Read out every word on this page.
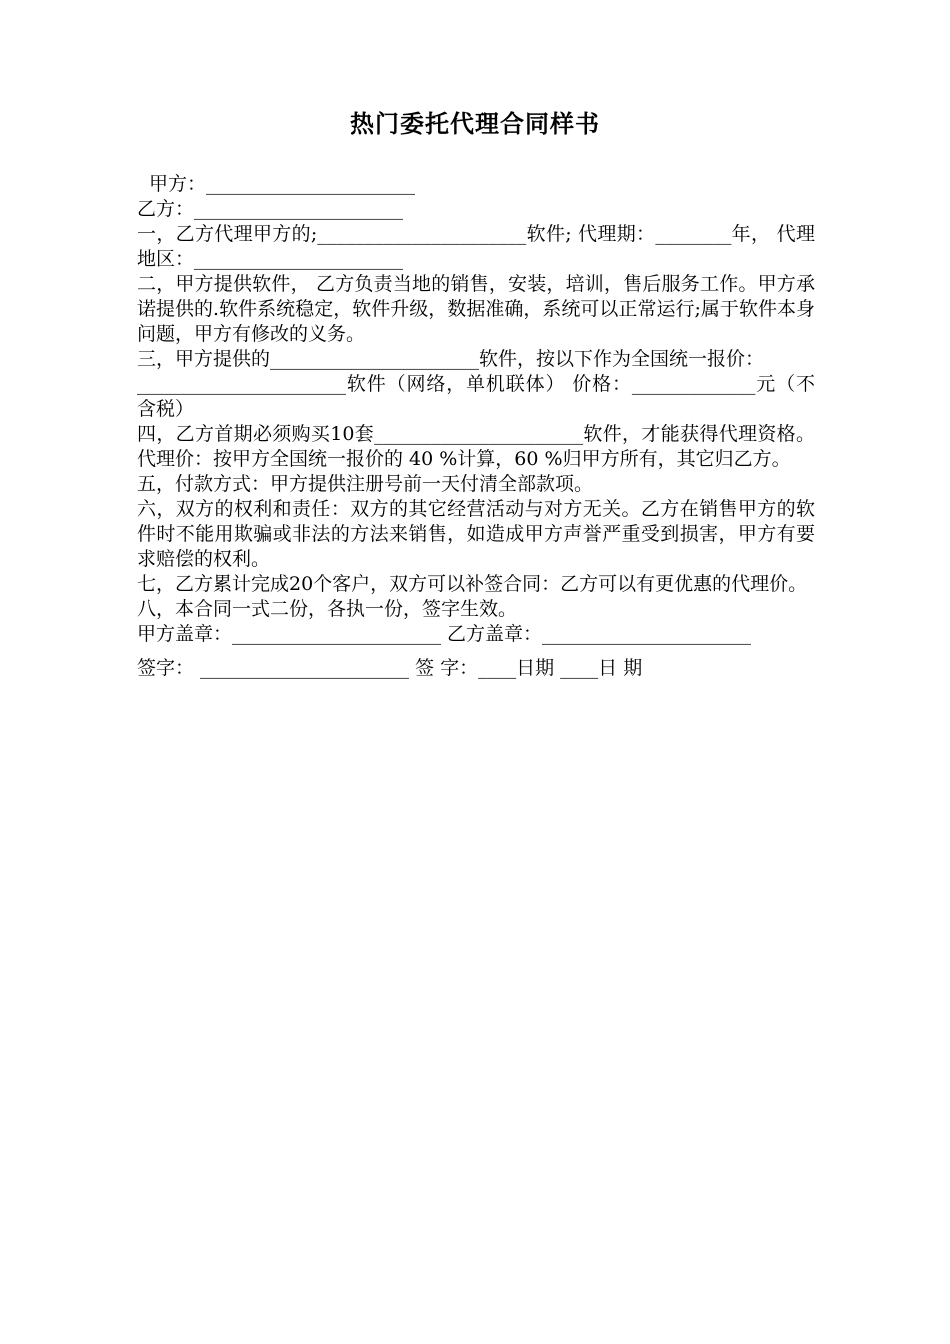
热门委托代理合同样书

甲方：______________________

乙方：______________________

一，乙方代理甲方的;______________________软件; 代理期：________年， 代理地区：______________________

二，甲方提供软件， 乙方负责当地的销售，安装，培训，售后服务工作。甲方承诺提供的.软件系统稳定，软件升级，数据准确，系统可以正常运行;属于软件本身问题，甲方有修改的义务。

三，甲方提供的______________________软件，按以下作为全国统一报价：

______________________软件（网络，单机联体） 价格：_____________元（不含税）

四，乙方首期必须购买10套______________________软件，才能获得代理资格。 代理价：按甲方全国统一报价的 40 %计算，60 %归甲方所有，其它归乙方。

五，付款方式：甲方提供注册号前一天付清全部款项。

六，双方的权利和责任：双方的其它经营活动与对方无关。乙方在销售甲方的软件时不能用欺骗或非法的方法来销售，如造成甲方声誉严重受到损害，甲方有要求赔偿的权利。

七，乙方累计完成20个客户，双方可以补签合同：乙方可以有更优惠的代理价。

八，本合同一式二份，各执一份，签字生效。

甲方盖章：______________________ 乙方盖章：______________________

签字： ______________________ 签 字：____日期 ____日 期
